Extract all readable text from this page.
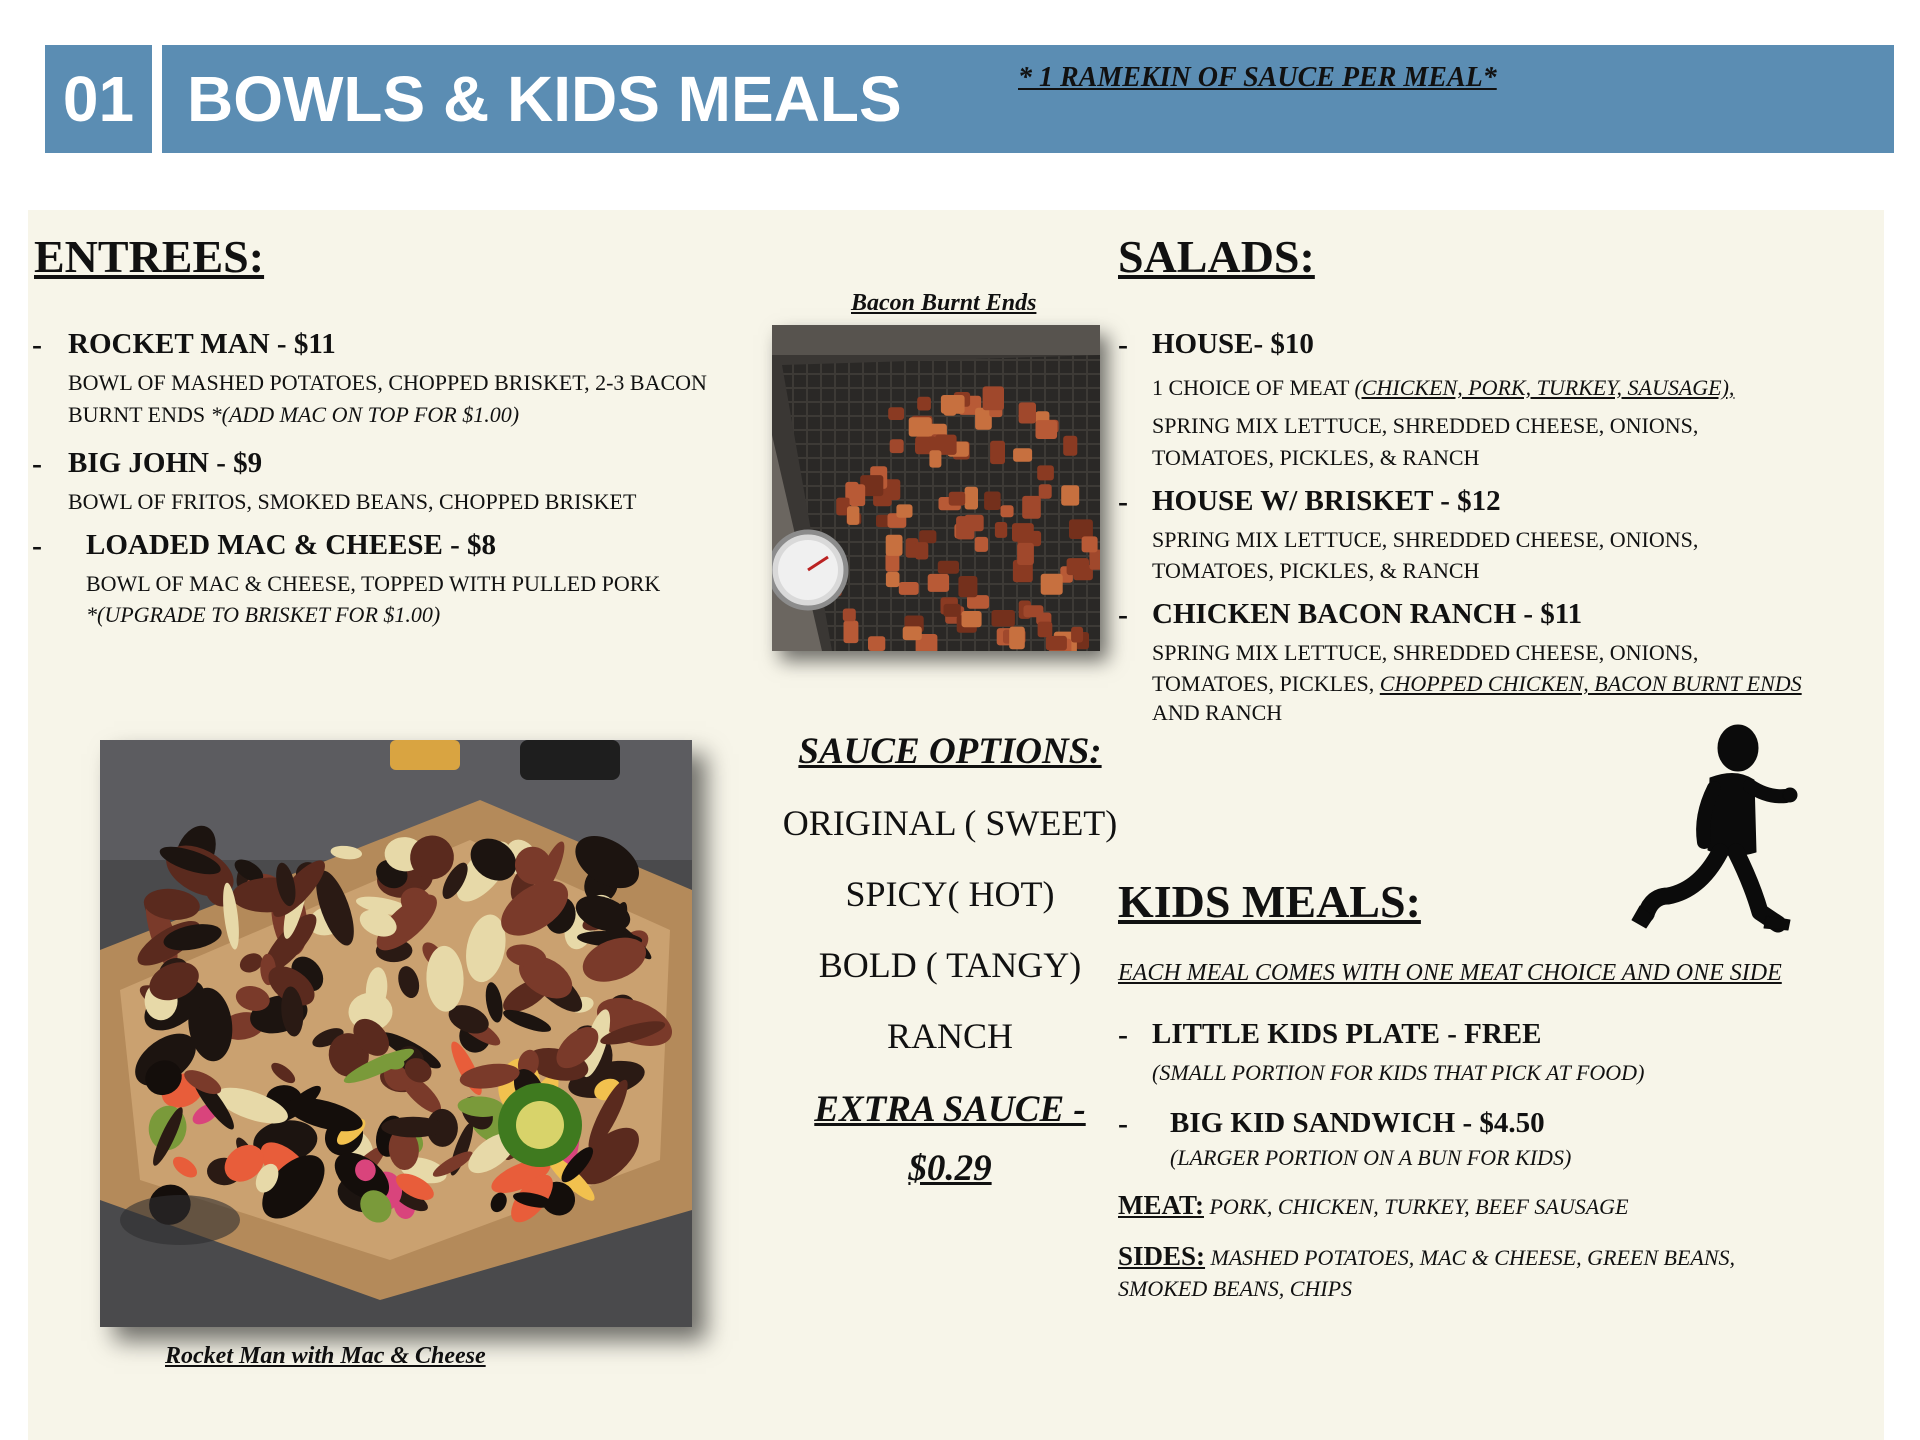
01 BOWLS & KIDS MEALS	* 1 RAMEKIN OF SAUCE PER MEAL*
ENTREES:
- ROCKET MAN - $11
BOWL OF MASHED POTATOES, CHOPPED BRISKET, 2-3 BACON
BURNT ENDS *(ADD MAC ON TOP FOR $1.00)
- BIG JOHN - $9
BOWL OF FRITOS, SMOKED BEANS, CHOPPED BRISKET
- LOADED MAC & CHEESE - $8
BOWL OF MAC & CHEESE, TOPPED WITH PULLED PORK
*(UPGRADE TO BRISKET FOR $1.00)
Bacon Burnt Ends
SAUCE OPTIONS:
ORIGINAL ( SWEET)
SPICY( HOT)
BOLD ( TANGY)
RANCH
EXTRA SAUCE -
$0.29
SALADS:
- HOUSE- $10
1 CHOICE OF MEAT (CHICKEN, PORK, TURKEY, SAUSAGE),
SPRING MIX LETTUCE, SHREDDED CHEESE, ONIONS,
TOMATOES, PICKLES, & RANCH
- HOUSE W/ BRISKET - $12
SPRING MIX LETTUCE, SHREDDED CHEESE, ONIONS,
TOMATOES, PICKLES, & RANCH
- CHICKEN BACON RANCH - $11
SPRING MIX LETTUCE, SHREDDED CHEESE, ONIONS,
TOMATOES, PICKLES, CHOPPED CHICKEN, BACON BURNT ENDS
AND RANCH
KIDS MEALS:
EACH MEAL COMES WITH ONE MEAT CHOICE AND ONE SIDE
- LITTLE KIDS PLATE - FREE
(SMALL PORTION FOR KIDS THAT PICK AT FOOD)
- BIG KID SANDWICH - $4.50
(LARGER PORTION ON A BUN FOR KIDS)
MEAT: PORK, CHICKEN, TURKEY, BEEF SAUSAGE
SIDES: MASHED POTATOES, MAC & CHEESE, GREEN BEANS,
SMOKED BEANS, CHIPS
Rocket Man with Mac & Cheese
